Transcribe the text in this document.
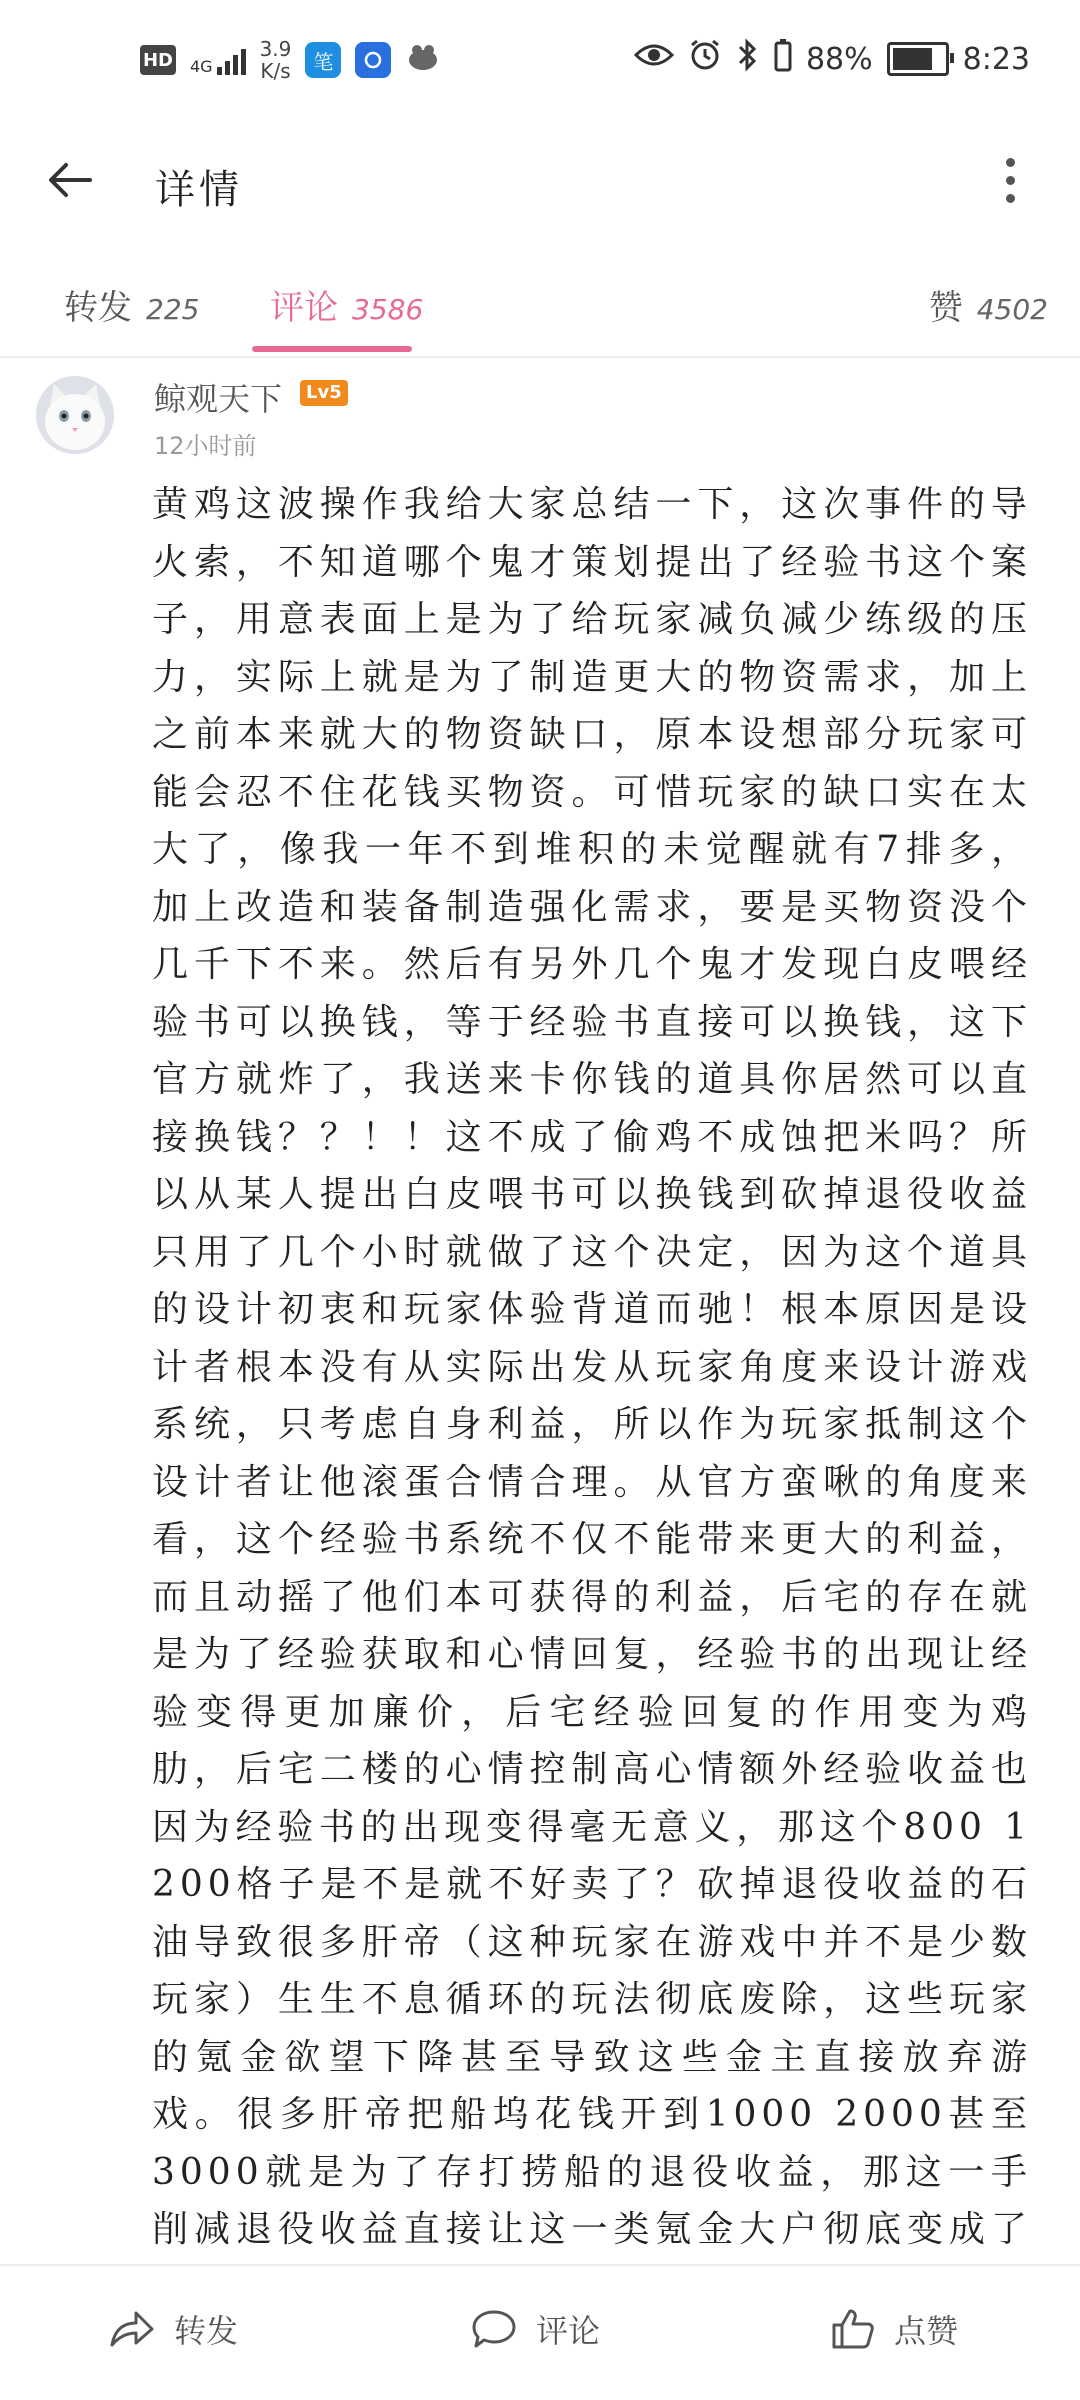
HD 4G
3.9
K/s	笔	88%	8:23
详情
转发 225 评论 3586	赞 4502
鲸观天下	Lv5
12小时前
黄鸡这波操作我给大家总结一下，这次事件的导火索，不知道哪个鬼才策划提出了经验书这个案子，用意表面上是为了给玩家减负减少练级的压力，实际上就是为了制造更大的物资需求，加上之前本来就大的物资缺口，原本设想部分玩家可能会忍不住花钱买物资。可惜玩家的缺口实在太大了，像我一年不到堆积的未觉醒就有7排多，加上改造和装备制造强化需求，要是买物资没个几千下不来。然后有另外几个鬼才发现白皮喂经验书可以换钱，等于经验书直接可以换钱，这下官方就炸了，我送来卡你钱的道具你居然可以直接换钱？？！！这不成了偷鸡不成蚀把米吗？所以从某人提出白皮喂书可以换钱到砍掉退役收益只用了几个小时就做了这个决定，因为这个道具的设计初衷和玩家体验背道而驰！根本原因是设计者根本没有从实际出发从玩家角度来设计游戏系统，只考虑自身利益，所以作为玩家抵制这个设计者让他滚蛋合情合理。从官方蛮啾的角度来看，这个经验书系统不仅不能带来更大的利益，而且动摇了他们本可获得的利益，后宅的存在就是为了经验获取和心情回复，经验书的出现让经验变得更加廉价，后宅经验回复的作用变为鸡肋，后宅二楼的心情控制高心情额外经验收益也因为经验书的出现变得毫无意义，那这个800 1200格子是不是就不好卖了？砍掉退役收益的石油导致很多肝帝（这种玩家在游戏中并不是少数玩家）生生不息循环的玩法彻底废除，这些玩家的氪金欲望下降甚至导致这些金主直接放弃游戏。很多肝帝把船坞花钱开到1000 2000甚至3000就是为了存打捞船的退役收益，那这一手削减退役收益直接让这一类氪金大户彻底变成了
转发	评论	点赞
